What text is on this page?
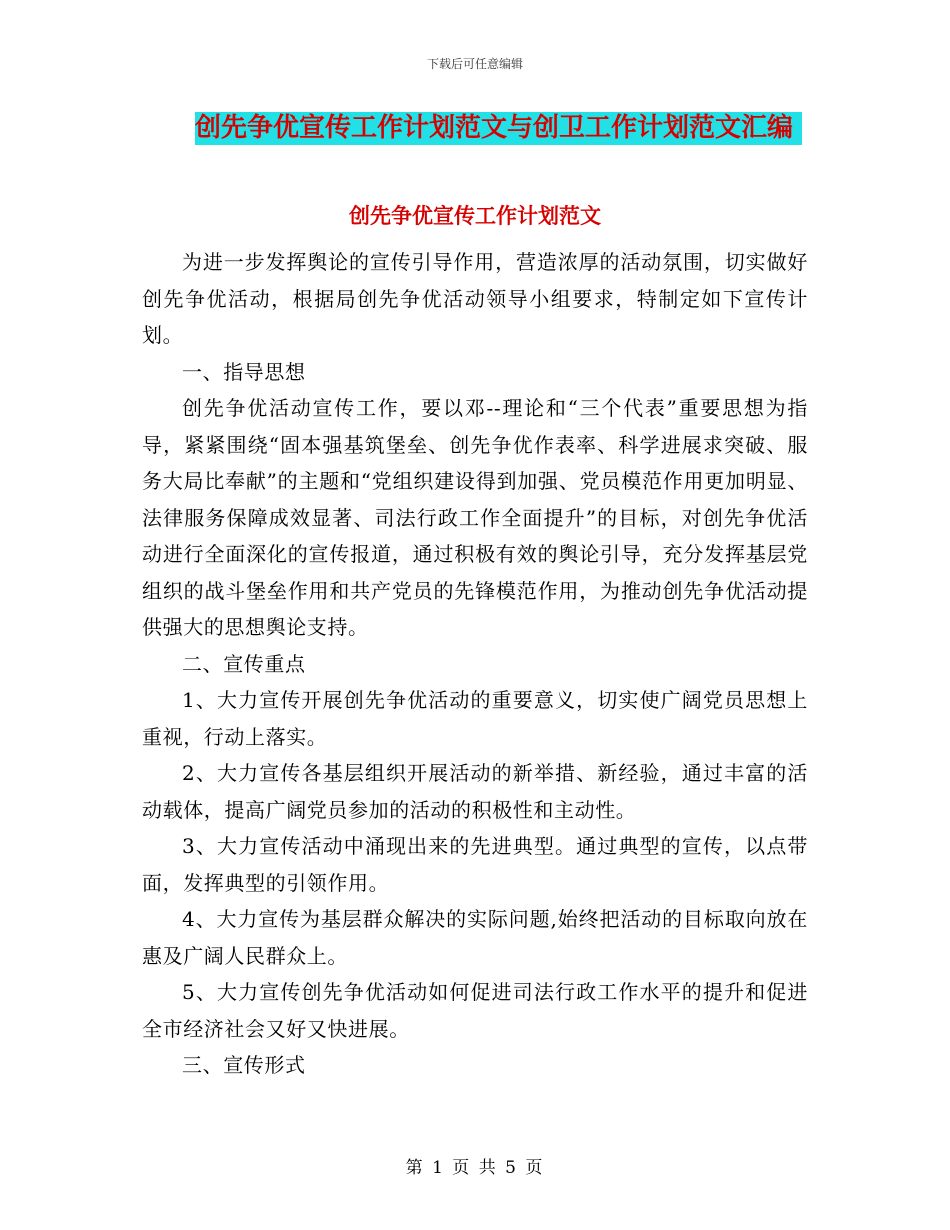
下载后可任意编辑
创先争优宣传工作计划范文与创卫工作计划范文汇编
创先争优宣传工作计划范文

为进一步发挥舆论的宣传引导作用，营造浓厚的活动氛围，切实做好创先争优活动，根据局创先争优活动领导小组要求，特制定如下宣传计划。

一、指导思想

创先争优活动宣传工作，要以邓--理论和“三个代表”重要思想为指导，紧紧围绕“固本强基筑堡垒、创先争优作表率、科学进展求突破、服务大局比奉献”的主题和“党组织建设得到加强、党员模范作用更加明显、法律服务保障成效显著、司法行政工作全面提升”的目标，对创先争优活动进行全面深化的宣传报道，通过积极有效的舆论引导，充分发挥基层党组织的战斗堡垒作用和共产党员的先锋模范作用，为推动创先争优活动提供强大的思想舆论支持。

二、宣传重点

1、大力宣传开展创先争优活动的重要意义，切实使广阔党员思想上重视，行动上落实。

2、大力宣传各基层组织开展活动的新举措、新经验，通过丰富的活动载体，提高广阔党员参加的活动的积极性和主动性。

3、大力宣传活动中涌现出来的先进典型。通过典型的宣传，以点带面，发挥典型的引领作用。

4、大力宣传为基层群众解决的实际问题,始终把活动的目标取向放在惠及广阔人民群众上。

5、大力宣传创先争优活动如何促进司法行政工作水平的提升和促进全市经济社会又好又快进展。

三、宣传形式

第 1 页 共 5 页
